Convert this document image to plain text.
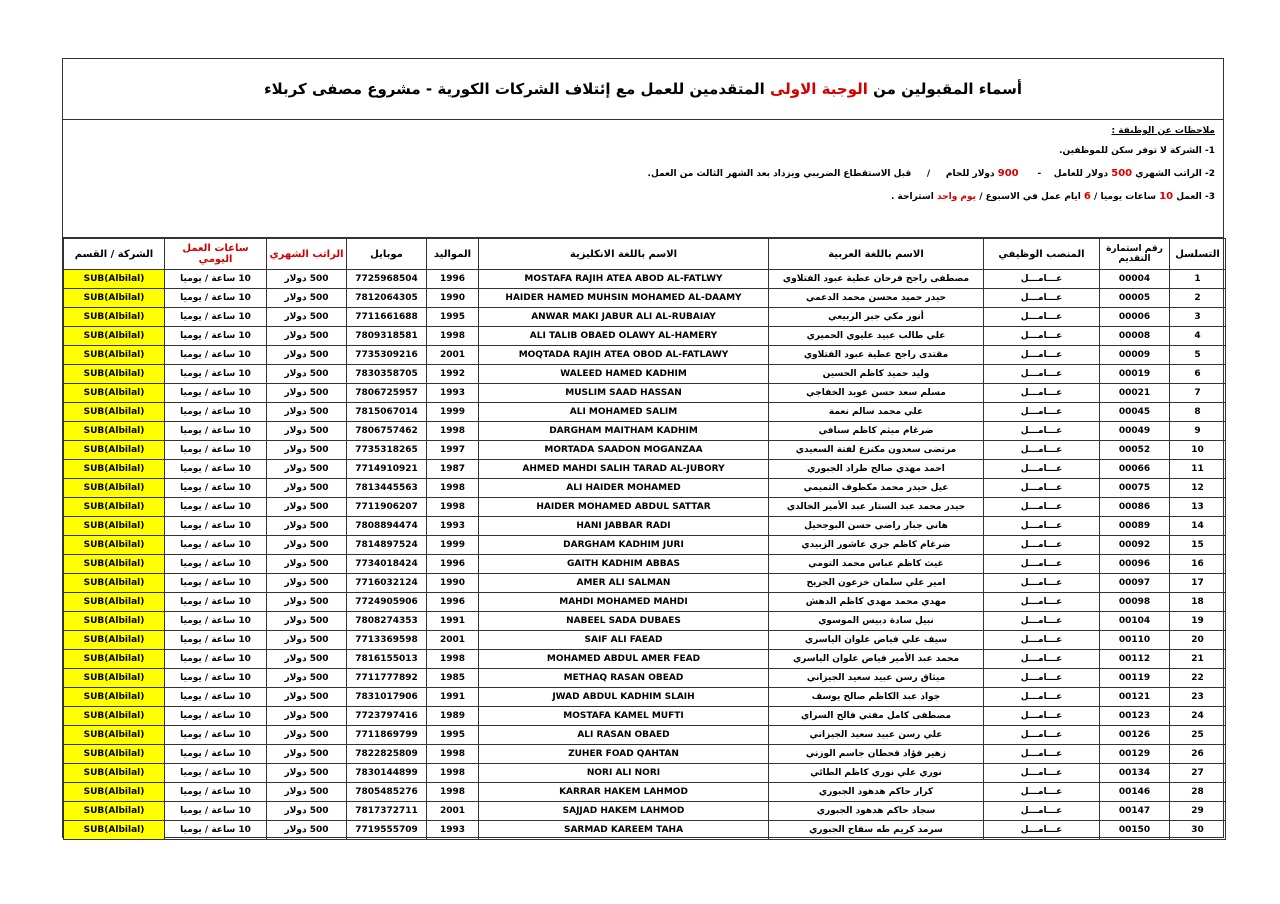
أسماء المقبولين من

الوجبة الاولى

المتقدمين للعمل مع إئتلاف الشركات الكورية - مشروع مصفى كربلاء
ملاحظات عن الوظيفة :
1- الشركة لا توفر سكن للموظفين.
2- الراتب الشهري 500 دولار للعامل    -      900 دولار للحام     /     قبل الاستقطاع الضريبي ويزداد بعد الشهر الثالث من العمل.
3- العمل 10 ساعات يوميا / 6 ايام عمل في الاسبوع / يوم واحد استراحة .
التسلسل	رقم استمارة التقديم	المنصب الوظيفي	الاسم باللغة العربية	الاسم باللغة الانكليزية	المواليد	موبايل	الراتب الشهري	ساعات العمل اليومي	الشركة / القسم
1	00004	عـــامـــل	مصطفى راجح فرحان عطية عبود الفتلاوي	MOSTAFA RAJIH ATEA ABOD AL-FATLWY	1996	7725968504	500 دولار	10 ساعة / يوميا	(Albilal)SUB
2	00005	عـــامـــل	حيدر حميد محسن محمد الدعمي	HAIDER HAMED MUHSIN MOHAMED AL-DAAMY	1990	7812064305	500 دولار	10 ساعة / يوميا	(Albilal)SUB
3	00006	عـــامـــل	أنور مكي جبر الربيعي	ANWAR MAKI JABUR ALI AL-RUBAIAY	1995	7711661688	500 دولار	10 ساعة / يوميا	(Albilal)SUB
4	00008	عـــامـــل	علي طالب عبيد عليوي الحميري	ALI TALIB OBAED OLAWY AL-HAMERY	1998	7809318581	500 دولار	10 ساعة / يوميا	(Albilal)SUB
5	00009	عـــامـــل	مقتدى راجح عطية عبود الفتلاوي	MOQTADA RAJIH ATEA OBOD AL-FATLAWY	2001	7735309216	500 دولار	10 ساعة / يوميا	(Albilal)SUB
6	00019	عـــامـــل	وليد حميد كاظم الحسين	WALEED HAMED KADHIM	1992	7830358705	500 دولار	10 ساعة / يوميا	(Albilal)SUB
7	00021	عـــامـــل	مسلم سعد حسن عويد الخفاجي	MUSLIM SAAD HASSAN	1993	7806725957	500 دولار	10 ساعة / يوميا	(Albilal)SUB
8	00045	عـــامـــل	علي محمد سالم نعمة	ALI MOHAMED SALIM	1999	7815067014	500 دولار	10 ساعة / يوميا	(Albilal)SUB
9	00049	عـــامـــل	ضرغام ميثم كاظم سنافي	DARGHAM MAITHAM KADHIM	1998	7806757462	500 دولار	10 ساعة / يوميا	(Albilal)SUB
10	00052	عـــامـــل	مرتضى سعدون مكنزع لفتة السعيدي	MORTADA SAADON MOGANZAA	1997	7735318265	500 دولار	10 ساعة / يوميا	(Albilal)SUB
11	00066	عـــامـــل	احمد مهدي صالح طراد الجبوري	AHMED MAHDI SALIH TARAD AL-JUBORY	1987	7714910921	500 دولار	10 ساعة / يوميا	(Albilal)SUB
12	00075	عـــامـــل	عيل حيدر محمد مكطوف التميمي	ALI HAIDER MOHAMED	1998	7813445563	500 دولار	10 ساعة / يوميا	(Albilal)SUB
13	00086	عـــامـــل	حيدر محمد عبد الستار عبد الأمير الخالدي	HAIDER MOHAMED ABDUL SATTAR	1998	7711906207	500 دولار	10 ساعة / يوميا	(Albilal)SUB
14	00089	عـــامـــل	هاني جبار راضي حسن البوجحيل	HANI JABBAR RADI	1993	7808894474	500 دولار	10 ساعة / يوميا	(Albilal)SUB
15	00092	عـــامـــل	ضرغام كاظم جري عاشور الزبيدي	DARGHAM KADHIM JURI	1999	7814897524	500 دولار	10 ساعة / يوميا	(Albilal)SUB
16	00096	عـــامـــل	غيث كاظم عباس محمد التومي	GAITH KADHIM ABBAS	1996	7734018424	500 دولار	10 ساعة / يوميا	(Albilal)SUB
17	00097	عـــامـــل	امير علي سلمان خزعون الجريح	AMER ALI SALMAN	1990	7716032124	500 دولار	10 ساعة / يوميا	(Albilal)SUB
18	00098	عـــامـــل	مهدي محمد مهدي كاظم الدهش	MAHDI MOHAMED MAHDI	1996	7724905906	500 دولار	10 ساعة / يوميا	(Albilal)SUB
19	00104	عـــامـــل	نبيل سادة دبيس الموسوي	NABEEL SADA DUBAES	1991	7808274353	500 دولار	10 ساعة / يوميا	(Albilal)SUB
20	00110	عـــامـــل	سيف علي فياض علوان الياسري	SAIF ALI FAEAD	2001	7713369598	500 دولار	10 ساعة / يوميا	(Albilal)SUB
21	00112	عـــامـــل	محمد عبد الأمير فياض علوان الياسري	MOHAMED ABDUL AMER FEAD	1998	7816155013	500 دولار	10 ساعة / يوميا	(Albilal)SUB
22	00119	عـــامـــل	ميثاق رسن عبيد سعيد الجيزاني	METHAQ RASAN OBEAD	1985	7711777892	500 دولار	10 ساعة / يوميا	(Albilal)SUB
23	00121	عـــامـــل	جواد عبد الكاظم صالح يوسف	JWAD ABDUL KADHIM SLAIH	1991	7831017906	500 دولار	10 ساعة / يوميا	(Albilal)SUB
24	00123	عـــامـــل	مصطفى كامل مفتي فالح السراي	MOSTAFA KAMEL MUFTI	1989	7723797416	500 دولار	10 ساعة / يوميا	(Albilal)SUB
25	00126	عـــامـــل	علي رسن عبيد سعيد الجيزاني	ALI RASAN OBAED	1995	7711869799	500 دولار	10 ساعة / يوميا	(Albilal)SUB
26	00129	عـــامـــل	زهير فؤاد قحطان جاسم الوزني	ZUHER FOAD QAHTAN	1998	7822825809	500 دولار	10 ساعة / يوميا	(Albilal)SUB
27	00134	عـــامـــل	نوري علي نوري كاظم الطائي	NORI ALI NORI	1998	7830144899	500 دولار	10 ساعة / يوميا	(Albilal)SUB
28	00146	عـــامـــل	كرار حاكم هدهود الجبوري	KARRAR HAKEM LAHMOD	1998	7805485276	500 دولار	10 ساعة / يوميا	(Albilal)SUB
29	00147	عـــامـــل	سجاد حاكم هدهود الجبوري	SAJJAD HAKEM LAHMOD	2001	7817372711	500 دولار	10 ساعة / يوميا	(Albilal)SUB
30	00150	عـــامـــل	سرمد كريم طه سفاح الجبوري	SARMAD KAREEM TAHA	1993	7719555709	500 دولار	10 ساعة / يوميا	(Albilal)SUB
